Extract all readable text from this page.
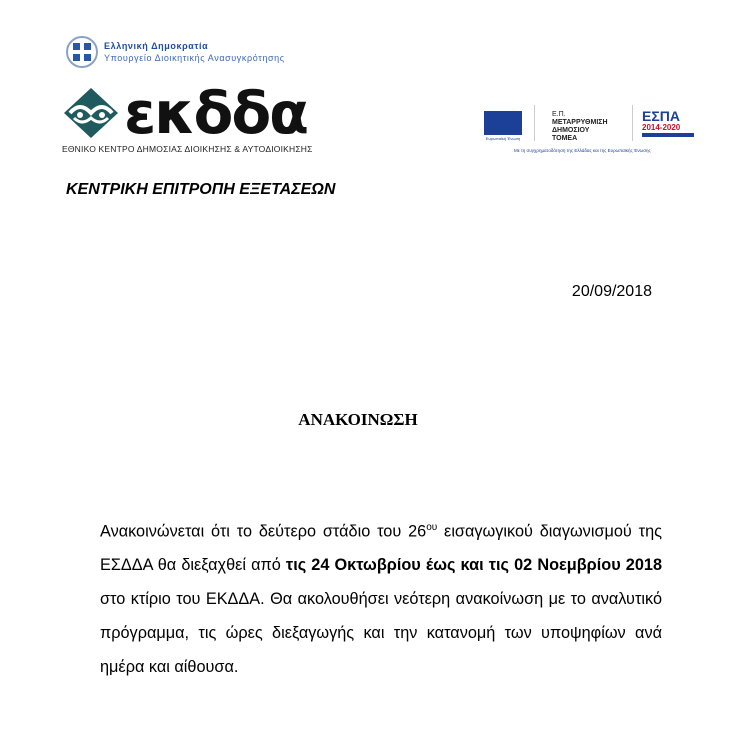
Ελληνική Δημοκρατία
Υπουργείο Διοικητικής Ανασυγκρότησης
εκδδα
ΕΘΝΙΚΟ ΚΕΝΤΡΟ ΔΗΜΟΣΙΑΣ ΔΙΟΙΚΗΣΗΣ & ΑΥΤΟΔΙΟΙΚΗΣΗΣ
Ευρωπαϊκή Ένωση
Ε.Π.
ΜΕΤΑΡΡΥΘΜΙΣΗ
ΔΗΜΟΣΙΟΥ
ΤΟΜΕΑ
ΕΣΠΑ
2014-2020
Με τη συγχρηματοδότηση της Ελλάδας και της Ευρωπαϊκής Ένωσης
ΚΕΝΤΡΙΚΗ ΕΠΙΤΡΟΠΗ ΕΞΕΤΑΣΕΩΝ
20/09/2018
ΑΝΑΚΟΙΝΩΣΗ
Ανακοινώνεται ότι το δεύτερο στάδιο του $26^{o\upsilon}$ εισαγωγικού διαγωνισμού της ΕΣΔΔΑ θα διεξαχθεί από τις 24 Οκτωβρίου έως και τις 02 Νοεμβρίου 2018 στο κτίριο του ΕΚΔΔΑ. Θα ακολουθήσει νεότερη ανακοίνωση με το αναλυτικό πρόγραμμα, τις ώρες διεξαγωγής και την κατανομή των υποψηφίων ανά ημέρα και αίθουσα.
